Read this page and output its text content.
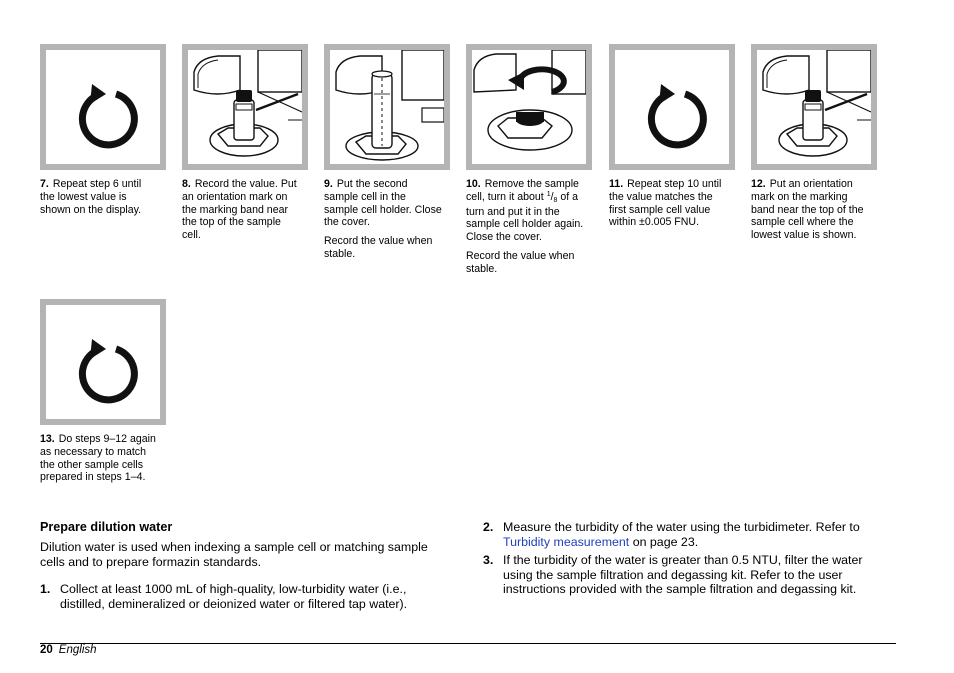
7. Repeat step 6 until the lowest value is shown on the display.

8. Record the value. Put an orientation mark on the marking band near the top of the sample cell.

9. Put the second sample cell in the sample cell holder. Close the cover.

Record the value when stable.

10. Remove the sample cell, turn it about $^1$/8 of a turn and put it in the sample cell holder again. Close the cover.

Record the value when stable.

11. Repeat step 10 until the value matches the first sample cell value within ±0.005 FNU.

12. Put an orientation mark on the marking band near the top of the sample cell where the lowest value is shown.

13. Do steps 9–12 again as necessary to match the other sample cells prepared in steps 1–4.

Prepare dilution water
Dilution water is used when indexing a sample cell or matching sample cells and to prepare formazin standards.
1. Collect at least 1000 mL of high-quality, low-turbidity water (i.e., distilled, demineralized or deionized water or filtered tap water).
2. Measure the turbidity of the water using the turbidimeter. Refer to Turbidity measurement on page 23.
3. If the turbidity of the water is greater than 0.5 NTU, filter the water using the sample filtration and degassing kit. Refer to the user instructions provided with the sample filtration and degassing kit.
20 English
